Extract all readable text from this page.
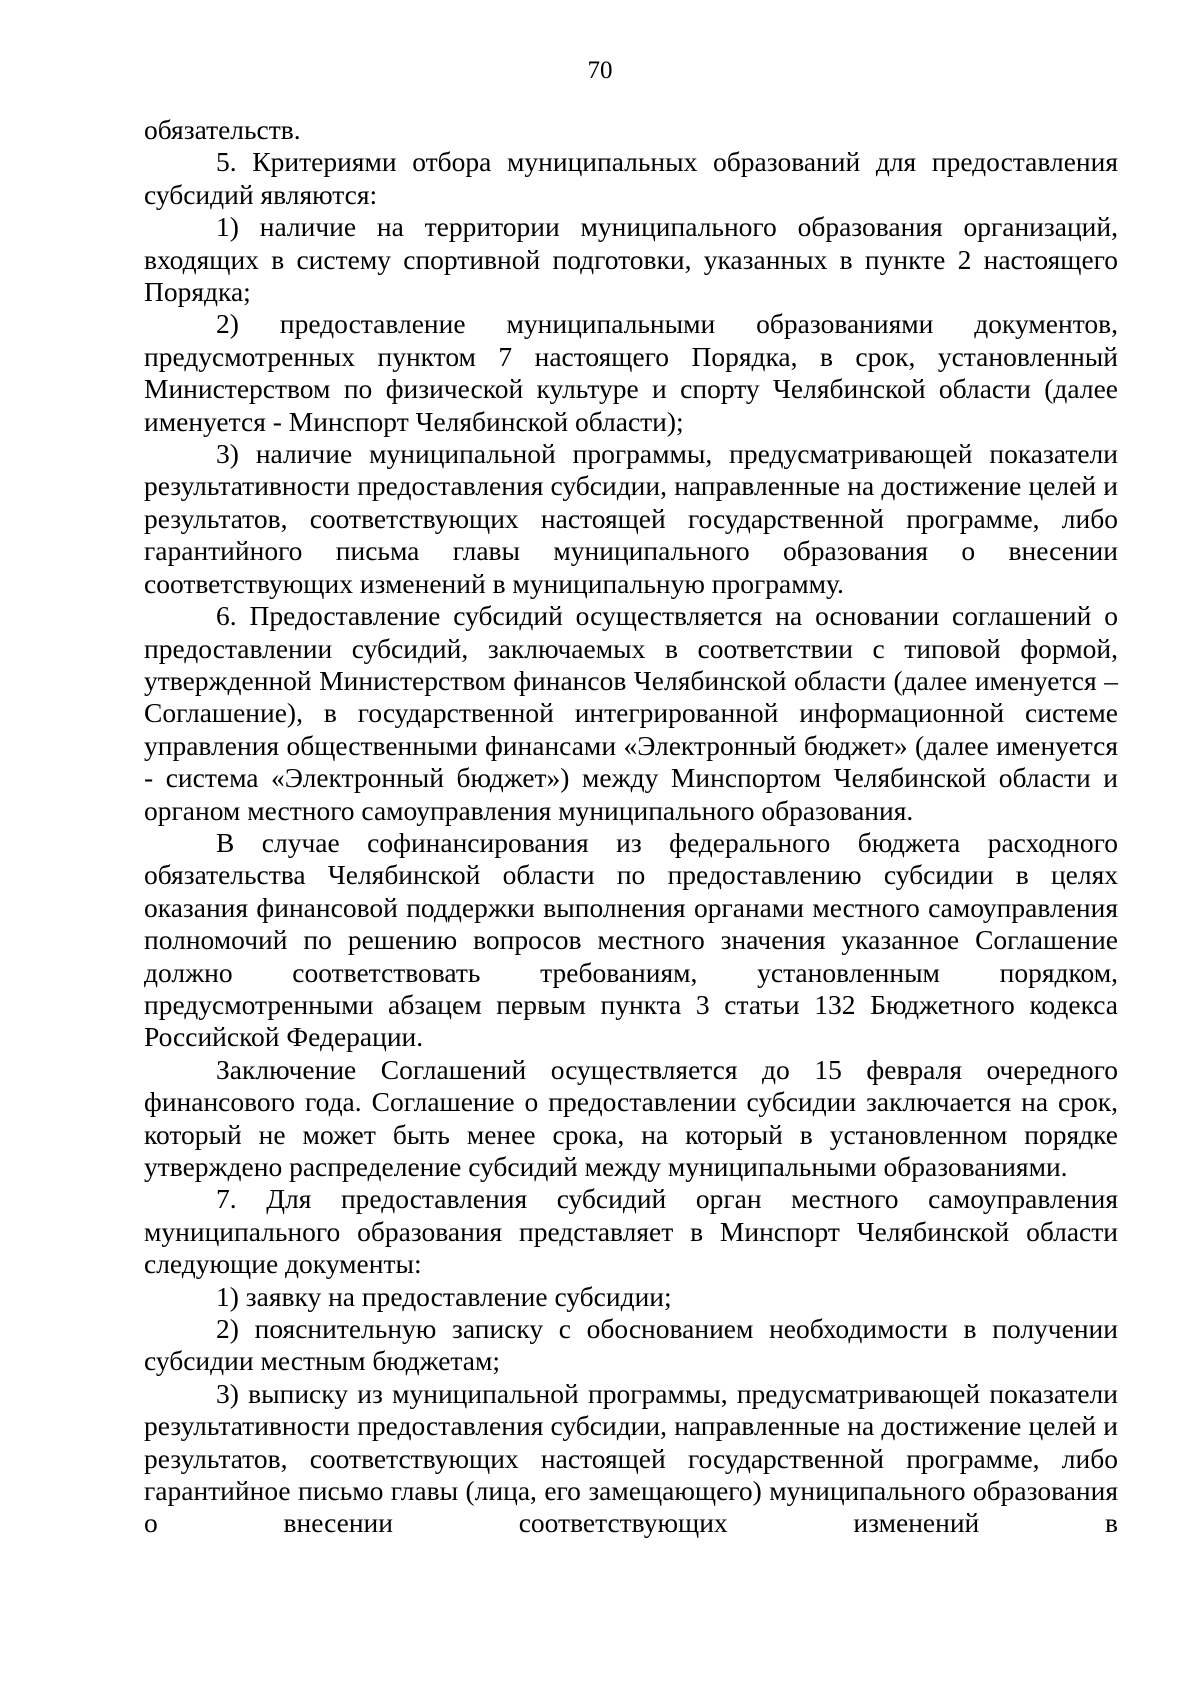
70

обязательств.

5. Критериями отбора муниципальных образований для предоставления субсидий являются:

1) наличие на территории муниципального образования организаций, входящих в систему спортивной подготовки, указанных в пункте 2 настоящего Порядка;

2) предоставление муниципальными образованиями документов, предусмотренных пунктом 7 настоящего Порядка, в срок, установленный Министерством по физической культуре и спорту Челябинской области (далее именуется - Минспорт Челябинской области);

3) наличие муниципальной программы, предусматривающей показатели результативности предоставления субсидии, направленные на достижение целей и результатов, соответствующих настоящей государственной программе, либо гарантийного письма главы муниципального образования о внесении соответствующих изменений в муниципальную программу.

6. Предоставление субсидий осуществляется на основании соглашений о предоставлении субсидий, заключаемых в соответствии с типовой формой, утвержденной Министерством финансов Челябинской области (далее именуется – Соглашение), в государственной интегрированной информационной системе управления общественными финансами «Электронный бюджет» (далее именуется - система «Электронный бюджет») между Минспортом Челябинской области и органом местного самоуправления муниципального образования.

В случае софинансирования из федерального бюджета расходного обязательства Челябинской области по предоставлению субсидии в целях оказания финансовой поддержки выполнения органами местного самоуправления полномочий по решению вопросов местного значения указанное Соглашение должно соответствовать требованиям, установленным порядком, предусмотренными абзацем первым пункта 3 статьи 132 Бюджетного кодекса Российской Федерации.

Заключение Соглашений осуществляется до 15 февраля очередного финансового года. Соглашение о предоставлении субсидии заключается на срок, который не может быть менее срока, на который в установленном порядке утверждено распределение субсидий между муниципальными образованиями.

7. Для предоставления субсидий орган местного самоуправления муниципального образования представляет в Минспорт Челябинской области следующие документы:

1) заявку на предоставление субсидии;

2) пояснительную записку с обоснованием необходимости в получении субсидии местным бюджетам;

3) выписку из муниципальной программы, предусматривающей показатели результативности предоставления субсидии, направленные на достижение целей и результатов, соответствующих настоящей государственной программе, либо гарантийное письмо главы (лица, его замещающего) муниципального образования о внесении соответствующих изменений в
